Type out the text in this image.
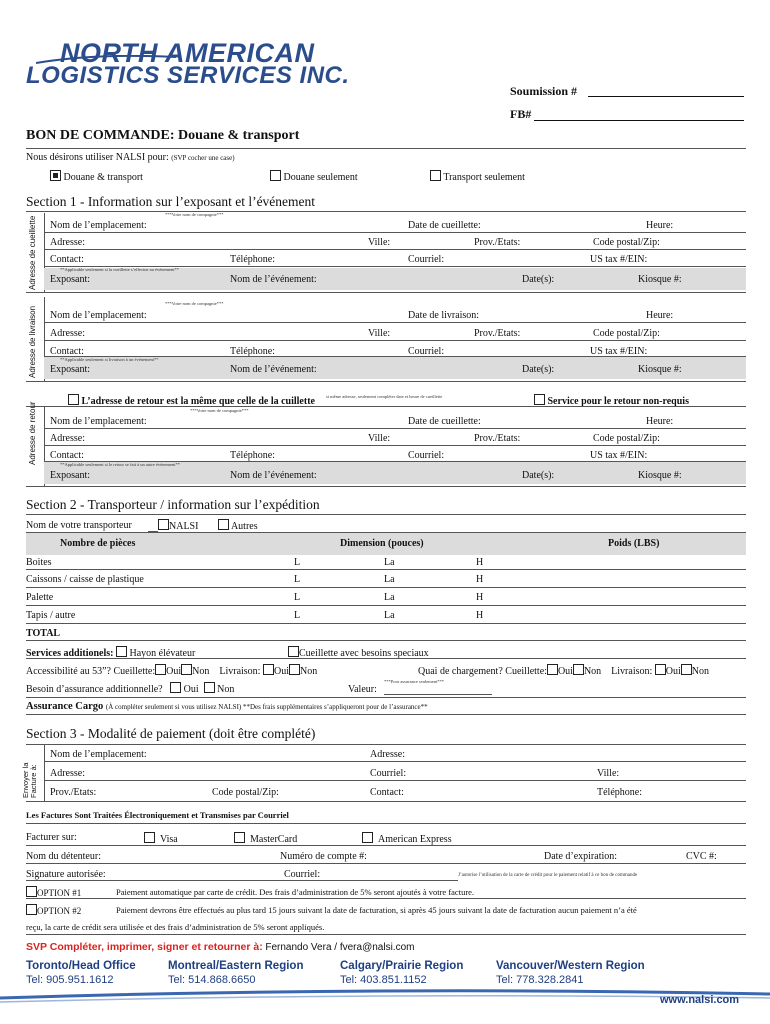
NORTH AMERICAN
LOGISTICS SERVICES INC.
Soumission #
FB#
BON DE COMMANDE: Douane & transport
Nous désirons utiliser NALSI pour: (SVP cocher une case)
Douane & transport	Douane seulement	Transport seulement
Section 1 - Information sur l’exposant et l’événement
Adresse de cueillette
***Votre nom de compagnie***
Nom de l’emplacement:	Date de cueillette:	Heure:
Adresse:	Ville:	Prov./Etats:	Code postal/Zip:
Contact:	Téléphone:	Courriel:	US tax #/EIN:
**Applicable seulement si la cueillette s’effectue au événement**
Exposant:	Nom de l’événement:	Date(s):	Kiosque #:
Adresse de livraison
***Votre nom de compagnie***
Nom de l’emplacement:	Date de livraison:	Heure:
Adresse:	Ville:	Prov./Etats:	Code postal/Zip:
Contact:	Téléphone:	Courriel:	US tax #/EIN:
**Applicable seulement si livraison à un événement**
Exposant:	Nom de l’événement:	Date(s):	Kiosque #:
L’adresse de retour est la même que celle de la cuillette si même adresse, seulement compléter date et heure de cueillette	Service pour le retour non-requis
Adresse de retour	***Votre nom de compagnie***
Nom de l’emplacement:	Date de cueillette:	Heure:
Adresse:	Ville:	Prov./Etats:	Code postal/Zip:
Contact:	Téléphone:	Courriel:	US tax #/EIN:
**Applicable seulement si le retour se fait à un autre événement**
Exposant:	Nom de l’événement:	Date(s):	Kiosque #:
Section 2 - Transporteur / information sur l’expédition
Nom de votre transporteur	NALSI	Autres
Nombre de pièces	Dimension (pouces)	Poids (LBS)
Boites	L	La	H
Caissons / caisse de plastique	L	La	H
Palette	L	La	H
Tapis / autre	L	La	H
TOTAL
Services additionels: Hayon élévateur	Cueillette avec besoins speciaux
Accessibilité au 53”? Cueillette: Oui Non Livraison: Oui Non	Quai de chargement? Cueillette: Oui Non Livraison: Oui Non
Besoin d’assurance additionnelle? Oui Non	Valeur:
***Pour assurance seulement***
Assurance Cargo (À compléter seulement si vous utilisez NALSI) **Des frais supplémentaires s’appliqueront pour de l’assurance**
Section 3 - Modalité de paiement (doit être complété)
Envoyer la Facture à:
Nom de l’emplacement:	Adresse:
Adresse:	Courriel:	Ville:
Prov./Etats:	Code postal/Zip:	Contact:	Téléphone:
Les Factures Sont Traitées Électroniquement et Transmises par Courriel
Facturer sur:	Visa	MasterCard	American Express
Nom du détenteur:	Numéro de compte #:	Date d’expiration:	CVC #:
Signature autorisée:	Courriel:	J’autorise l’utilisation de la carte de crédit pour le paiement relatif à ce bon de commande
OPTION #1	Paiement automatique par carte de crédit. Des frais d’administration de 5% seront ajoutés à votre facture.
OPTION #2	Paiement devrons être effectués au plus tard 15 jours suivant la date de facturation, si après 45 jours suivant la date de facturation aucun paiement n’a été
reçu, la carte de crédit sera utilisée et des frais d’administration de 5% seront appliqués.
SVP Compléter, imprimer, signer et retourner à: Fernando Vera / fvera@nalsi.com
Toronto/Head Office
Tel: 905.951.1612
Montreal/Eastern Region
Tel: 514.868.6650
Calgary/Prairie Region
Tel: 403.851.1152
Vancouver/Western Region
Tel: 778.328.2841
www.nalsi.com
